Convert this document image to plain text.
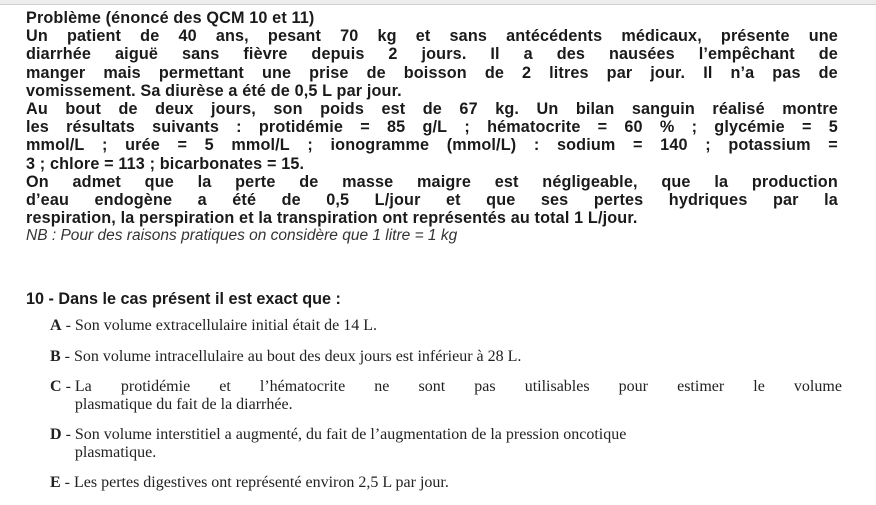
Problème (énoncé des QCM 10 et 11)
Un patient de 40 ans, pesant 70 kg et sans antécédents médicaux, présente une
diarrhée aiguë sans fièvre depuis 2 jours. Il a des nausées l’empêchant de
manger mais permettant une prise de boisson de 2 litres par jour. Il n’a pas de
vomissement. Sa diurèse a été de 0,5 L par jour.
Au bout de deux jours, son poids est de 67 kg. Un bilan sanguin réalisé montre
les résultats suivants : protidémie = 85 g/L ; hématocrite = 60 % ; glycémie = 5
mmol/L ; urée = 5 mmol/L ; ionogramme (mmol/L) : sodium = 140 ; potassium =
3 ; chlore = 113 ; bicarbonates = 15.
On admet que la perte de masse maigre est négligeable, que la production
d’eau endogène a été de 0,5 L/jour et que ses pertes hydriques par la
respiration, la perspiration et la transpiration ont représentés au total 1 L/jour.
NB : Pour des raisons pratiques on considère que 1 litre = 1 kg
10 - Dans le cas présent il est exact que :
A - Son volume extracellulaire initial était de 14 L.
B - Son volume intracellulaire au bout des deux jours est inférieur à 28 L.
C - La protidémie et l’hématocrite ne sont pas utilisables pour estimer le volume
plasmatique du fait de la diarrhée.
D - Son volume interstitiel a augmenté, du fait de l’augmentation de la pression oncotique
plasmatique.
E - Les pertes digestives ont représenté environ 2,5 L par jour.
